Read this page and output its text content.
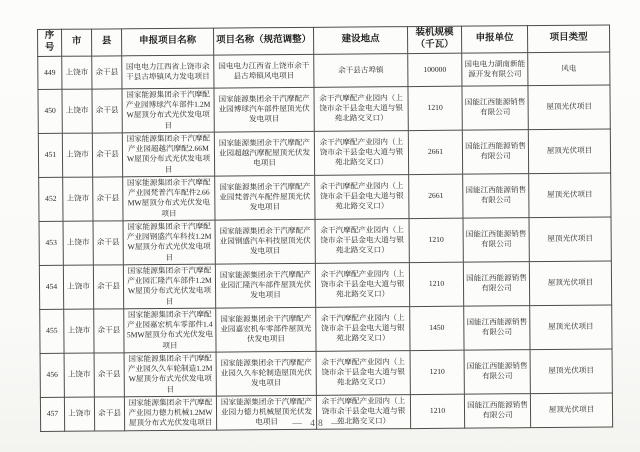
序号	市	县	申报项目名称	项目名称（规范调整）	建设地点	装机规模（千瓦）	申报单位	项目类型
449	上饶市	余干县	国电电力江西省上饶市余干县古埠镇风力发电项目	国电电力江西省上饶市余干县古埠镇风电项目	余干县古埠镇	100000	国电电力湖南新能源开发有限公司	风电
450	上饶市	余干县	国家能源集团余干汽摩配产业园博球汽车部件1.2MW屋顶分布式光伏发电项目	国家能源集团余干汽摩配产业园博球汽车部件屋顶光伏发电项目	余干汽摩配产业园内（上饶市余干县金电大道与银苑北路交叉口）	1210	国能江西能源销售有限公司	屋顶光伏项目
451	上饶市	余干县	国家能源集团余干汽摩配产业园超越汽摩配2.66MW屋顶分布式光伏发电项目	国家能源集团余干汽摩配产业园超越汽摩配屋顶光伏发电项目	余干汽摩配产业园内（上饶市余干县金电大道与银苑北路交叉口）	2661	国能江西能源销售有限公司	屋顶光伏项目
452	上饶市	余干县	国家能源集团余干汽摩配产业园梵普汽车配件2.66MW屋顶分布式光伏发电项目	国家能源集团余干汽摩配产业园梵普汽车配件屋顶光伏发电项目	余干汽摩配产业园内（上饶市余干县金电大道与银苑北路交叉口）	2661	国能江西能源销售有限公司	屋顶光伏项目
453	上饶市	余干县	国家能源集团余干汽摩配产业园钢盛汽车科技1.2MW屋顶分布式光伏发电项目	国家能源集团余干汽摩配产业园钢盛汽车科技屋顶光伏发电项目	余干汽摩配产业园内（上饶市余干县金电大道与银苑北路交叉口）	1210	国能江西能源销售有限公司	屋顶光伏项目
454	上饶市	余干县	国家能源集团余干汽摩配产业园汇隆汽车部件1.2MW屋顶分布式光伏发电项目	国家能源集团余干汽摩配产业园汇隆汽车部件屋顶光伏发电项目	余干汽摩配产业园内（上饶市余干县金电大道与银苑北路交叉口）	1210	国能江西能源销售有限公司	屋顶光伏项目
455	上饶市	余干县	国家能源集团余干汽摩配产业园嘉宏机车零部件1.45MW屋顶分布式光伏发电项目	国家能源集团余干汽摩配产业园嘉宏机车零部件屋顶光伏发电项目	余干汽摩配产业园内（上饶市余干县金电大道与银苑北路交叉口）	1450	国能江西能源销售有限公司	屋顶光伏项目
456	上饶市	余干县	国家能源集团余干汽摩配产业园久久车轮制造1.2MW屋顶分布式光伏发电项目	国家能源集团余干汽摩配产业园久久车轮制造屋顶光伏发电项目	余干汽摩配产业园内（上饶市余干县金电大道与银苑北路交叉口）	1210	国能江西能源销售有限公司	屋顶光伏项目
457	上饶市	余干县	国家能源集团余干汽摩配产业园力德力机械1.2MW屋顶分布式光伏发电项目	国家能源集团余干汽摩配产业园力德力机械屋顶光伏发电项目	余干汽摩配产业园内（上饶市余干县金电大道与银苑北路交叉口）	1210	国能江西能源销售有限公司	屋顶光伏项目
— 48 —
